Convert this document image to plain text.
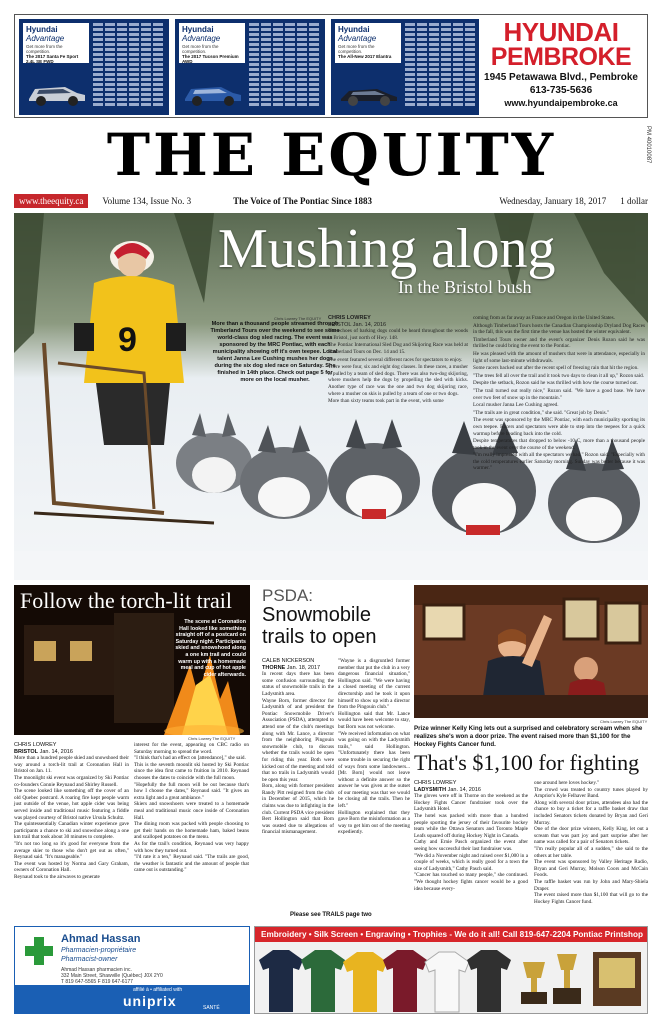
Hyundai
Advantage
Get more from the competition.
The 2017 Santa Fe Sport 2.4L SE FWD
Hyundai
Advantage
Get more from the competition.
The 2017 Tucson Premium AWD
Hyundai
Advantage
Get more from the competition.
The All-New 2017 Elantra
HYUNDAI
PEMBROKE
1945 Petawawa Blvd., Pembroke
613-735-5636
www.hyundaipembroke.ca
THE EQUITY	PM 40010087
www.theequity.ca	Volume 134, Issue No. 3	The Voice of The Pontiac Since 1883	Wednesday, January 18, 2017 1 dollar
9
Mushing along
In the Bristol bush
Chris Lowrey The EQUITY
More than a thousand people streamed through Timberland Tours over the weekend to see some world-class dog sled racing. The event was sponsored by the MRC Pontiac, with each municipality showing off it's own teepee. Local talent Janna Lee Cushing mushes her dogs during the six dog sled race on Saturday. She finished in 14th place. Check out page 5 for more on the local musher.
CHRIS LOWREY
BRISTOL Jan. 14, 2016

The echoes of barking dogs could be heard throughout the woods in Bristol, just north of Hwy. 148.

The Pontiac International Sled Dog and Skijoring Race was held at Timberland Tours on Dec. 14 and 15.

The event featured several different races for spectators to enjoy.

There were four, six and eight dog classes. In these races, a musher is pulled by a team of sled dogs. There was also two-dog skijoring, where mushers help the dogs by propelling the sled with kicks. Another type of race was the one and two dog skijoring race, where a musher on skis is pulled by a team of one or two dogs.

More than sixty teams took part in the event, with some

coming from as far away as France and Oregon in the United States.

Although Timberland Tours hosts the Canadian Championship Dryland Dog Races in the fall, this was the first time the venue has hosted the winter equivalent.

Timberland Tours owner and the event's organizer Denis Rozon said he was thrilled he could bring the event to the Pontiac.

He was pleased with the amount of mushers that were in attendance, especially in light of some last-minute withdrawals.

Some racers backed out after the recent spell of freezing rain that hit the region.

"The trees fell all over the trail and it took two days to clean it all up," Rozon said.

Despite the setback, Rozon said he was thrilled with how the course turned out.

"The trail turned out really nice," Rozon said. "We have a good base. We have over two feet of snow up in the mountain."

Local musher Janna Lee Cushing agreed.

"The trails are in great condition," she said. "Great job by Denis."

The event was sponsored by the MRC Pontiac, with each municipality sporting its own teepee. Racers and spectators were able to step into the teepees for a quick warmup before heading back into the cold.

Despite temperatures that dropped to below -10 C, more than a thousand people took in the event over the course of the weekend.

"I'm really impressed with all the spectators we had," Rozon said. "Especially with the cold temperatures earlier Saturday morning. Sunday was better because it was warmer."

Follow the torch-lit trail
The scene at Coronation Hall looked like something straight off of a postcard on Saturday night. Participants skied and snowshoed along a one km trail and could warm up with a homemade meal and cup of hot apple cider afterwards.
Chris Lowrey The EQUITY
CHRIS LOWREY
BRISTOL Jan. 14, 2016

More than a hundred people skied and snowshoed their way around a torch-lit trail at Coronation Hall in Bristol on Jan. 11.

The moonlight ski event was organized by Ski Pontiac co-founders Connie Reynaud and Shirley Russell.

The scene looked like something off the cover of an old Quebec postcard. A roaring fire kept people warm just outside of the venue, hot apple cider was being served inside and traditional music featuring a fiddle was played courtesy of Bristol native Ursula Schultz.

The quintessentially Canadian winter experience gave participants a chance to ski and snowshoe along a one km trail that took about 30 minutes to complete.

"It's not too long so it's good for everyone from the average skier to those who don't get out as often," Reynaud said. "It's manageable."

The event was hosted by Norma and Gary Graham, owners of Coronation Hall.

Reynaud took to the airwaves to generate

interest for the event, appearing on CBC radio on Saturday morning to spread the word.

"I think that's had an effect on [attendance]," she said.

This is the seventh moonlit ski hosted by Ski Pontiac since the idea first came to fruition in 2010. Reynaud chooses the dates to coincide with the full moon.

"Hopefully the full moon will be out because that's how I choose the dates," Reynaud said. "It gives an extra light and a great ambiance."

Skiers and snowshoers were treated to a homemade meal and traditional music once inside of Coronation Hall.

The dining room was packed with people choosing to get their hands on the homemade ham, baked beans and scalloped potatoes on the menu.

As for the trail's condition, Reynaud was very happy with how they turned out.

"I'd rate it a ten," Reynaud said. "The trails are good, the weather is fantastic and the amount of people that came out is outstanding."

PSDA:
Snowmobile trails to open
CALEB NICKERSON
THORNE Jan. 18, 2017

In recent days there has been some confusion surrounding the status of snowmobile trails in the Ladysmith area.

Wayne Born, former director for Ladysmith of and president the Pontiac Snowmobile Driver's Association (PSDA), attempted to attend one of the club's meetings along with Mr. Lance, a director from the neighboring Pingouin snowmobile club, to discuss whether the trails would be open for riding this year. Both were kicked out of the meeting and told that no trails in Ladysmith would be open this year.

Born, along with former president Randy Pitt resigned from the club in December of 2015, which he claims was due to infighting in the club. Current PSDA vice president Bert Hollington said that Born was ousted due to allegations of financial mismanagement.

"Wayne is a disgruntled former member that put the club in a very dangerous financial situation," Hollington said. "We were having a closed meeting of the current directorship and he took it upon himself to show up with a director from the Pingouin club."

Hollington said that Mr. Lance would have been welcome to stay, but Born was not welcome.

"We received information on what was going on with the Ladysmith trails," said Hollington. "Unfortunately there has been some trouble in securing the right of ways from some landowners... [Mr. Born] would not leave without a definite answer so the answer he was given at the outset of our meeting was that we would be closing all the trails. Then he left."

Hollington explained that they gave Born the misinformation as a way to get him out of the meeting expediently.

Please see TRAILS page two
Chris Lowrey The EQUITY
Prize winner Kelly King lets out a surprised and celebratory scream when she realizes she's won a door prize. The event raised more than $1,100 for the Hockey Fights Cancer fund.
That's $1,100 for fighting
CHRIS LOWREY
LADYSMITH Jan. 14, 2016

The gloves were off in Thorne on the weekend as the Hockey Fights Cancer fundraiser took over the Ladysmith Hotel.

The hotel was packed with more than a hundred people sporting the jersey of their favourite hockey team while the Ottawa Senators and Toronto Maple Leafs squared off during Hockey Night in Canada.

Cathy and Ernie Pasch organized the event after seeing how successful their last fundraiser was.

"We did a November night and raised over $1,000 in a couple of weeks, which is really good for a town the size of Ladysmith," Cathy Pasch said.

"Cancer has touched so many people," she continued. "We thought hockey fights cancer would be a good idea because every-

one around here loves hockey."

The crowd was treated to country tunes played by Arnprior's Kyle Felhaver Band.

Along with several door prizes, attendees also had the chance to buy a ticket for a raffle basket draw that included Senators tickets donated by Bryan and Geri Murray.

One of the door prize winners, Kelly King, let out a scream that was part joy and part surprise after her name was called for a pair of Senators tickets.

"I'm really popular all of a sudden," she said to the others at her table.

The event was sponsored by Valley Heritage Radio, Bryan and Geri Murray, Molson Coors and McCain Foods.

The raffle basket was run by John and Mary-Shiela Draper.

The event raised more than $1,100 that will go to the Hockey Fights Cancer fund.

Ahmad Hassan
Pharmacien-propriétaire
Pharmacist-owner
Ahmad Hassan pharmacien inc.
332 Main Street, Shawville (Québec) J0X 2Y0
T 819 647-5565 F 819 647-6177
affilié à • affiliated with
uniprix	SANTÉ
Embroidery • Silk Screen • Engraving • Trophies - We do it all! Call 819-647-2204 Pontiac Printshop
